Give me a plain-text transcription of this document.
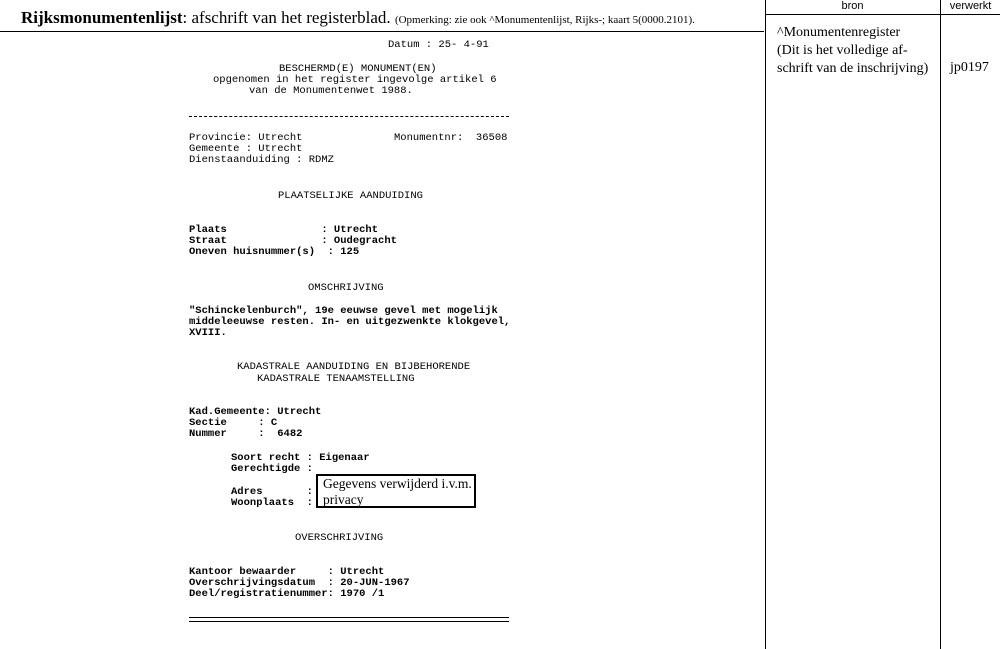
Rijksmonumentenlijst: afschrift van het registerblad. (Opmerking: zie ook ^Monumentenlijst, Rijks-; kaart 5(0000.2101).
bron	verwerkt
^Monumentenregister
(Dit is het volledige af-
schrift van de inschrijving)	jp0197
Datum : 25- 4-91
BESCHERMD(E) MONUMENT(EN)
opgenomen in het register ingevolge artikel 6
van de Monumentenwet 1988.
Provincie: Utrecht	Monumentnr:  36508
Gemeente : Utrecht
Dienstaanduiding : RDMZ
PLAATSELIJKE AANDUIDING
Plaats               : Utrecht
Straat               : Oudegracht
Oneven huisnummer(s)  : 125
OMSCHRIJVING
"Schinckelenburch", 19e eeuwse gevel met mogelijk
middeleeuwse resten. In- en uitgezwenkte klokgevel,
XVIII.
KADASTRALE AANDUIDING EN BIJBEHORENDE
KADASTRALE TENAAMSTELLING
Kad.Gemeente: Utrecht
Sectie     : C
Nummer     :  6482
Soort recht : Eigenaar
Gerechtigde :
Adres       :
Woonplaats  :
Gegevens verwijderd i.v.m.
privacy
OVERSCHRIJVING
Kantoor bewaarder     : Utrecht
Overschrijvingsdatum  : 20-JUN-1967
Deel/registratienummer: 1970 /1
